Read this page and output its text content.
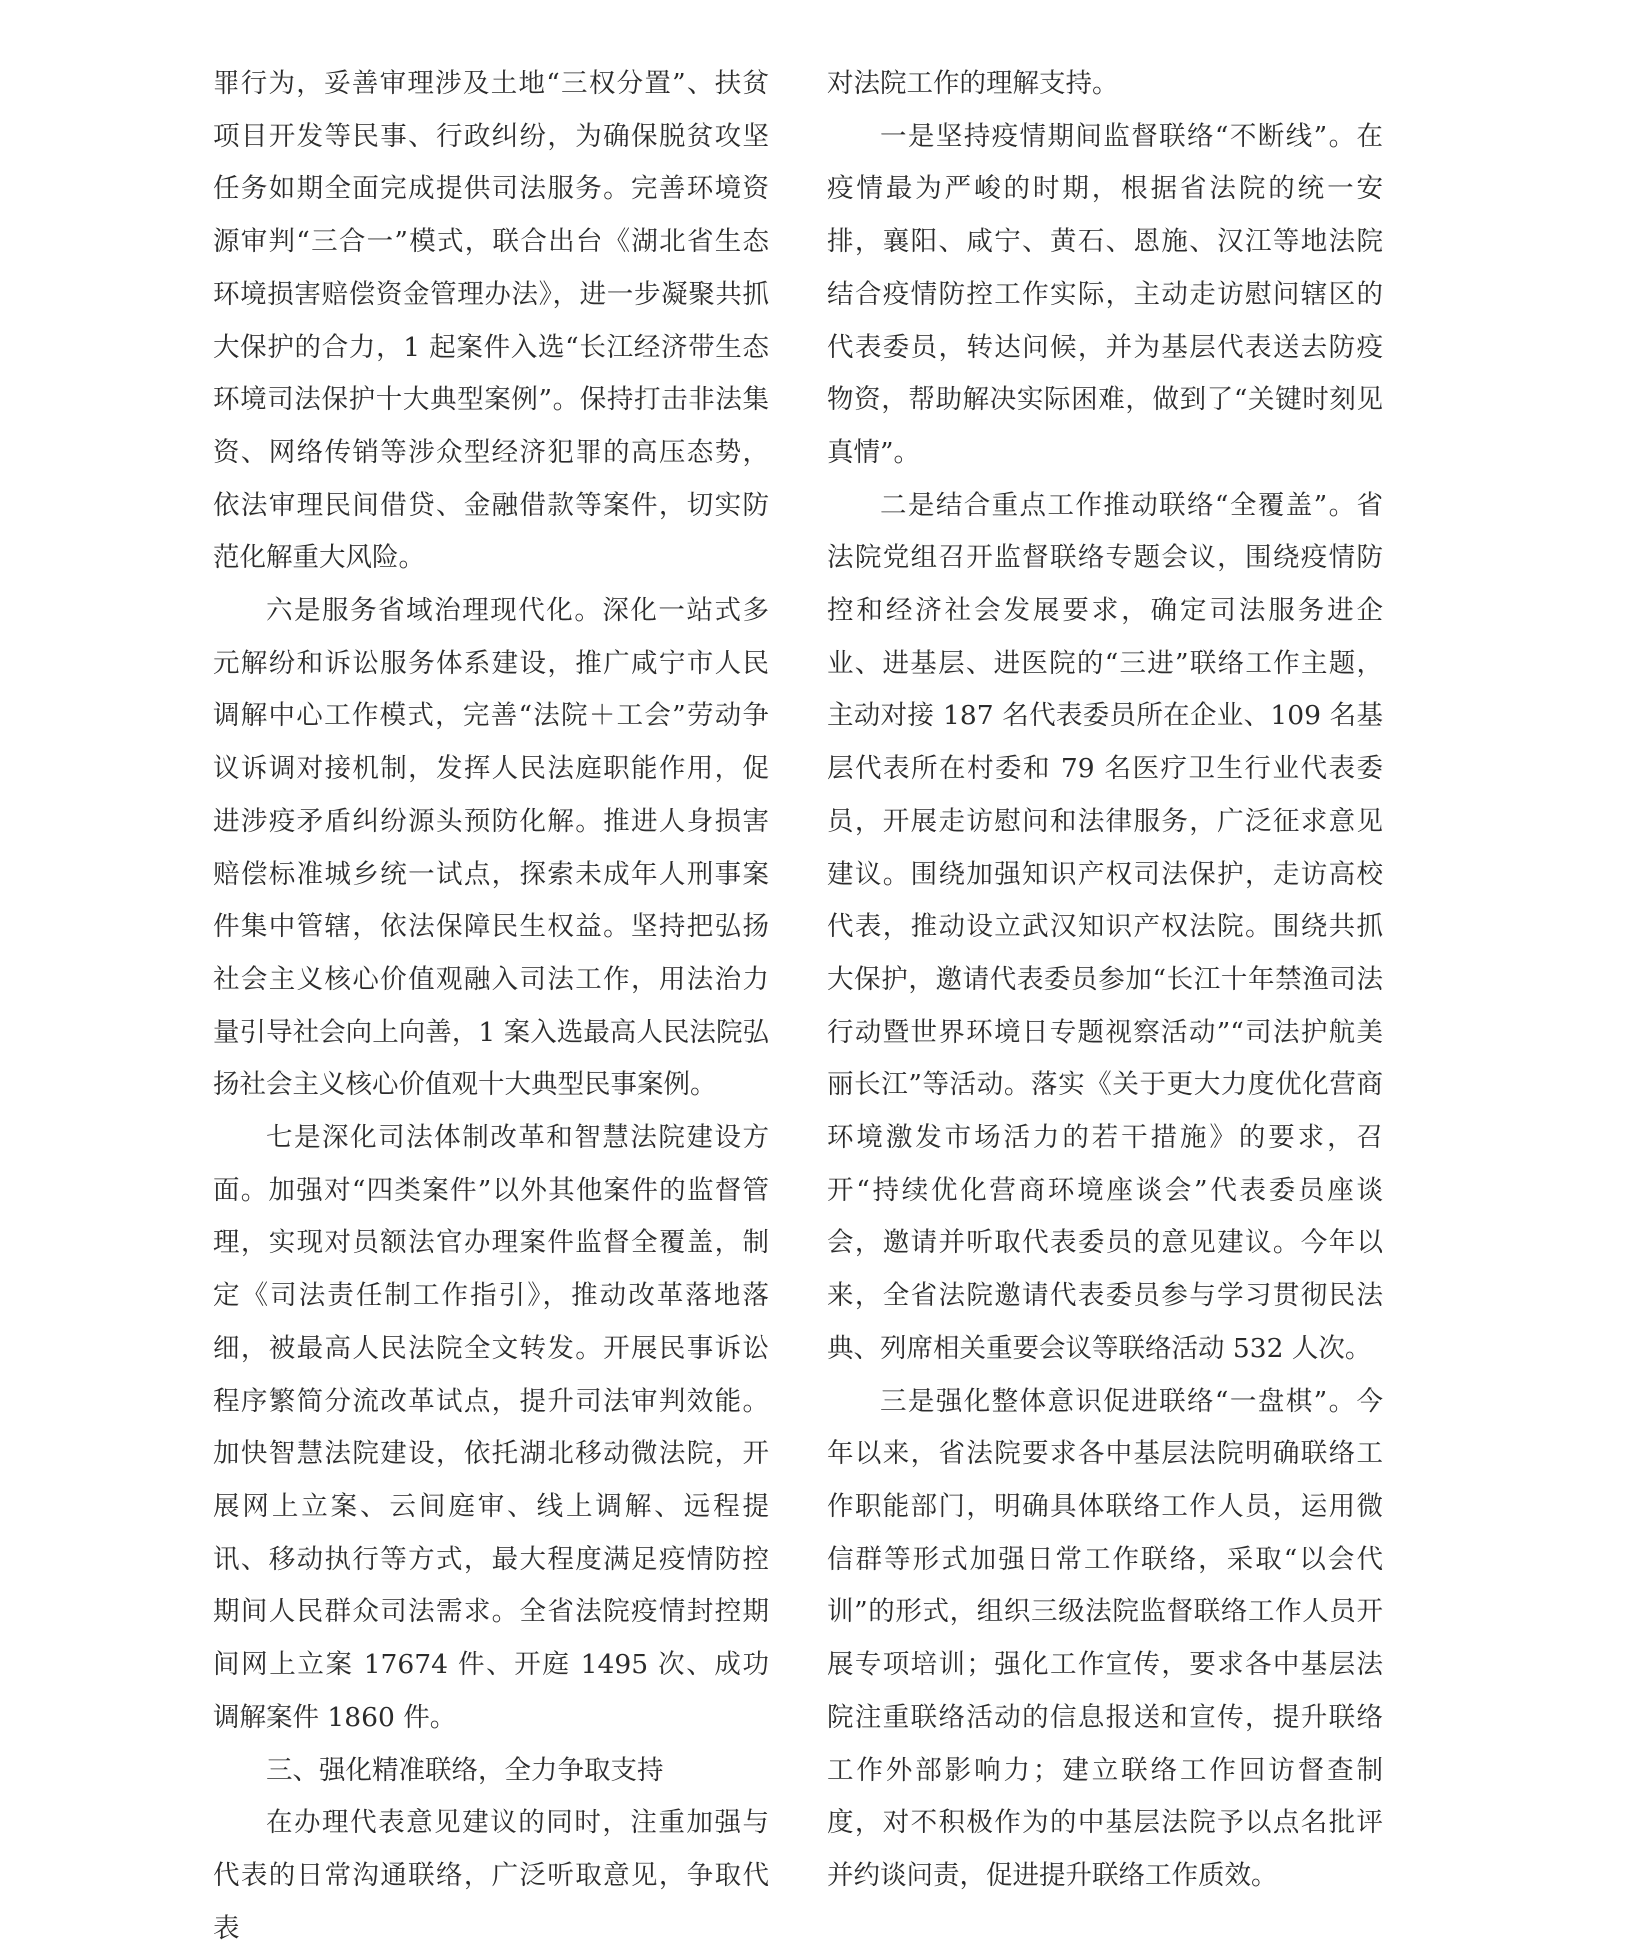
罪行为，妥善审理涉及土地“三权分置”、扶贫项目开发等民事、行政纠纷，为确保脱贫攻坚任务如期全面完成提供司法服务。完善环境资源审判“三合一”模式，联合出台《湖北省生态环境损害赔偿资金管理办法》，进一步凝聚共抓大保护的合力，1 起案件入选“长江经济带生态环境司法保护十大典型案例”。保持打击非法集资、网络传销等涉众型经济犯罪的高压态势，依法审理民间借贷、金融借款等案件，切实防范化解重大风险。

六是服务省域治理现代化。深化一站式多元解纷和诉讼服务体系建设，推广咸宁市人民调解中心工作模式，完善“法院＋工会”劳动争议诉调对接机制，发挥人民法庭职能作用，促进涉疫矛盾纠纷源头预防化解。推进人身损害赔偿标准城乡统一试点，探索未成年人刑事案件集中管辖，依法保障民生权益。坚持把弘扬社会主义核心价值观融入司法工作，用法治力量引导社会向上向善，1 案入选最高人民法院弘扬社会主义核心价值观十大典型民事案例。

七是深化司法体制改革和智慧法院建设方面。加强对“四类案件”以外其他案件的监督管理，实现对员额法官办理案件监督全覆盖，制定《司法责任制工作指引》，推动改革落地落细，被最高人民法院全文转发。开展民事诉讼程序繁简分流改革试点，提升司法审判效能。加快智慧法院建设，依托湖北移动微法院，开展网上立案、云间庭审、线上调解、远程提讯、移动执行等方式，最大程度满足疫情防控期间人民群众司法需求。全省法院疫情封控期间网上立案 17674 件、开庭 1495 次、成功调解案件 1860 件。

三、强化精准联络，全力争取支持

在办理代表意见建议的同时，注重加强与代表的日常沟通联络，广泛听取意见，争取代表

对法院工作的理解支持。

一是坚持疫情期间监督联络“不断线”。在疫情最为严峻的时期，根据省法院的统一安排，襄阳、咸宁、黄石、恩施、汉江等地法院结合疫情防控工作实际，主动走访慰问辖区的代表委员，转达问候，并为基层代表送去防疫物资，帮助解决实际困难，做到了“关键时刻见真情”。

二是结合重点工作推动联络“全覆盖”。省法院党组召开监督联络专题会议，围绕疫情防控和经济社会发展要求，确定司法服务进企业、进基层、进医院的“三进”联络工作主题，主动对接 187 名代表委员所在企业、109 名基层代表所在村委和 79 名医疗卫生行业代表委员，开展走访慰问和法律服务，广泛征求意见建议。围绕加强知识产权司法保护，走访高校代表，推动设立武汉知识产权法院。围绕共抓大保护，邀请代表委员参加“长江十年禁渔司法行动暨世界环境日专题视察活动”“司法护航美丽长江”等活动。落实《关于更大力度优化营商环境激发市场活力的若干措施》的要求，召开“持续优化营商环境座谈会”代表委员座谈会，邀请并听取代表委员的意见建议。今年以来，全省法院邀请代表委员参与学习贯彻民法典、列席相关重要会议等联络活动 532 人次。

三是强化整体意识促进联络“一盘棋”。今年以来，省法院要求各中基层法院明确联络工作职能部门，明确具体联络工作人员，运用微信群等形式加强日常工作联络，采取“以会代训”的形式，组织三级法院监督联络工作人员开展专项培训；强化工作宣传，要求各中基层法院注重联络活动的信息报送和宣传，提升联络工作外部影响力；建立联络工作回访督查制度，对不积极作为的中基层法院予以点名批评并约谈问责，促进提升联络工作质效。
